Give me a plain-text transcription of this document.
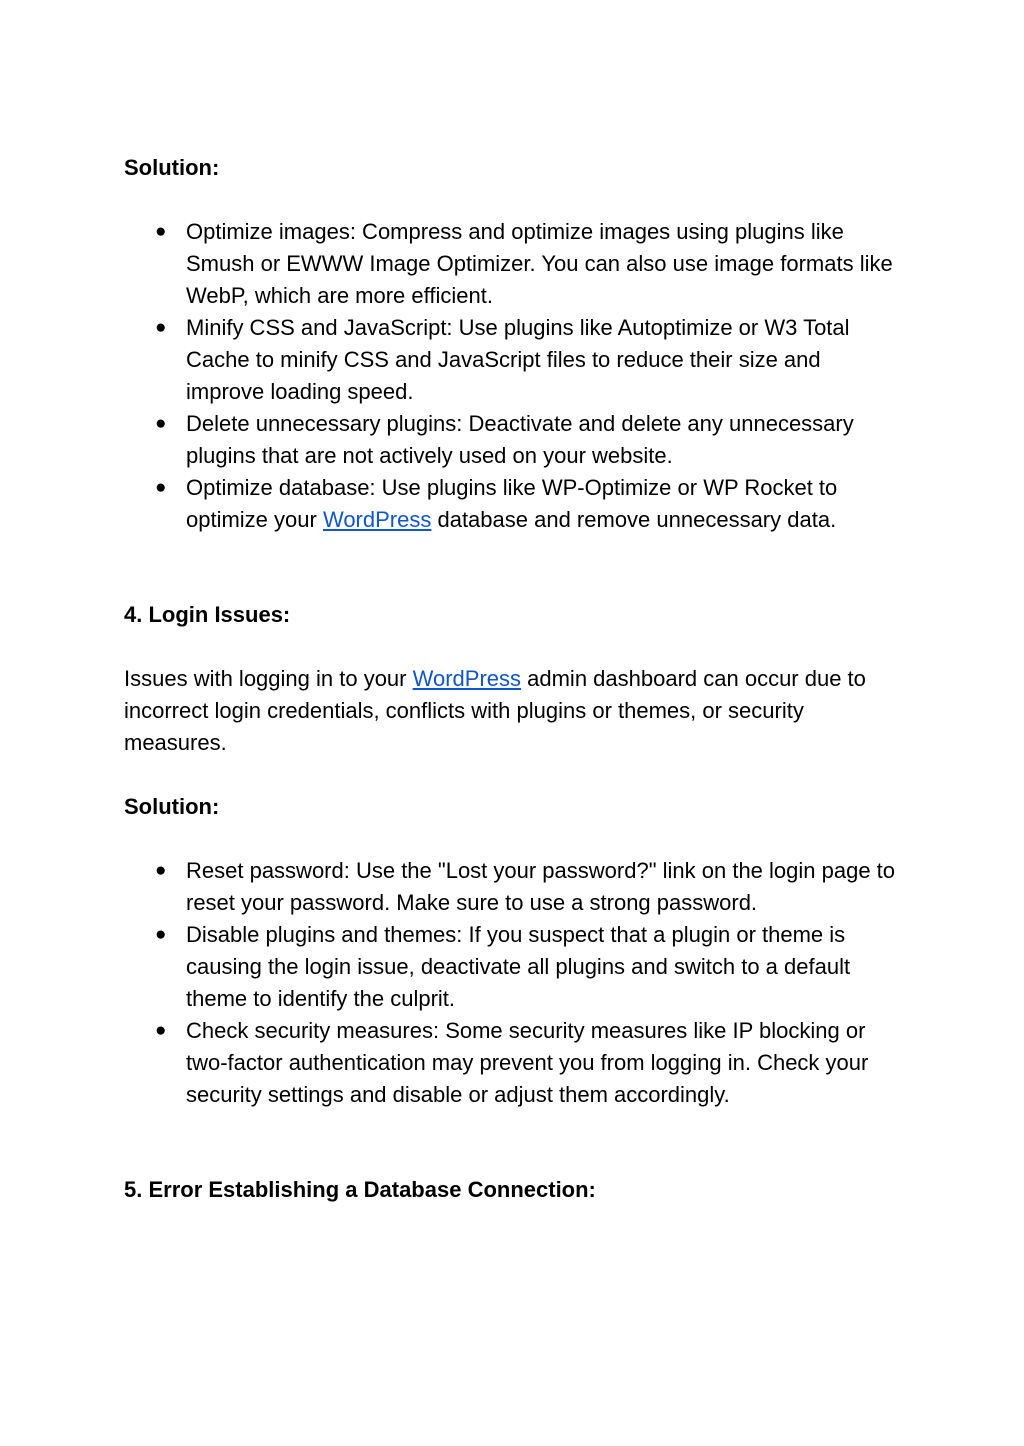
Solution:

● Optimize images: Compress and optimize images using plugins like Smush or EWWW Image Optimizer. You can also use image formats like WebP, which are more efficient.
● Minify CSS and JavaScript: Use plugins like Autoptimize or W3 Total Cache to minify CSS and JavaScript files to reduce their size and improve loading speed.
● Delete unnecessary plugins: Deactivate and delete any unnecessary plugins that are not actively used on your website.
● Optimize database: Use plugins like WP-Optimize or WP Rocket to optimize your WordPress database and remove unnecessary data.

4. Login Issues:

Issues with logging in to your WordPress admin dashboard can occur due to incorrect login credentials, conflicts with plugins or themes, or security measures.

Solution:

● Reset password: Use the "Lost your password?" link on the login page to reset your password. Make sure to use a strong password.
● Disable plugins and themes: If you suspect that a plugin or theme is causing the login issue, deactivate all plugins and switch to a default theme to identify the culprit.
● Check security measures: Some security measures like IP blocking or two-factor authentication may prevent you from logging in. Check your security settings and disable or adjust them accordingly.

5. Error Establishing a Database Connection:
